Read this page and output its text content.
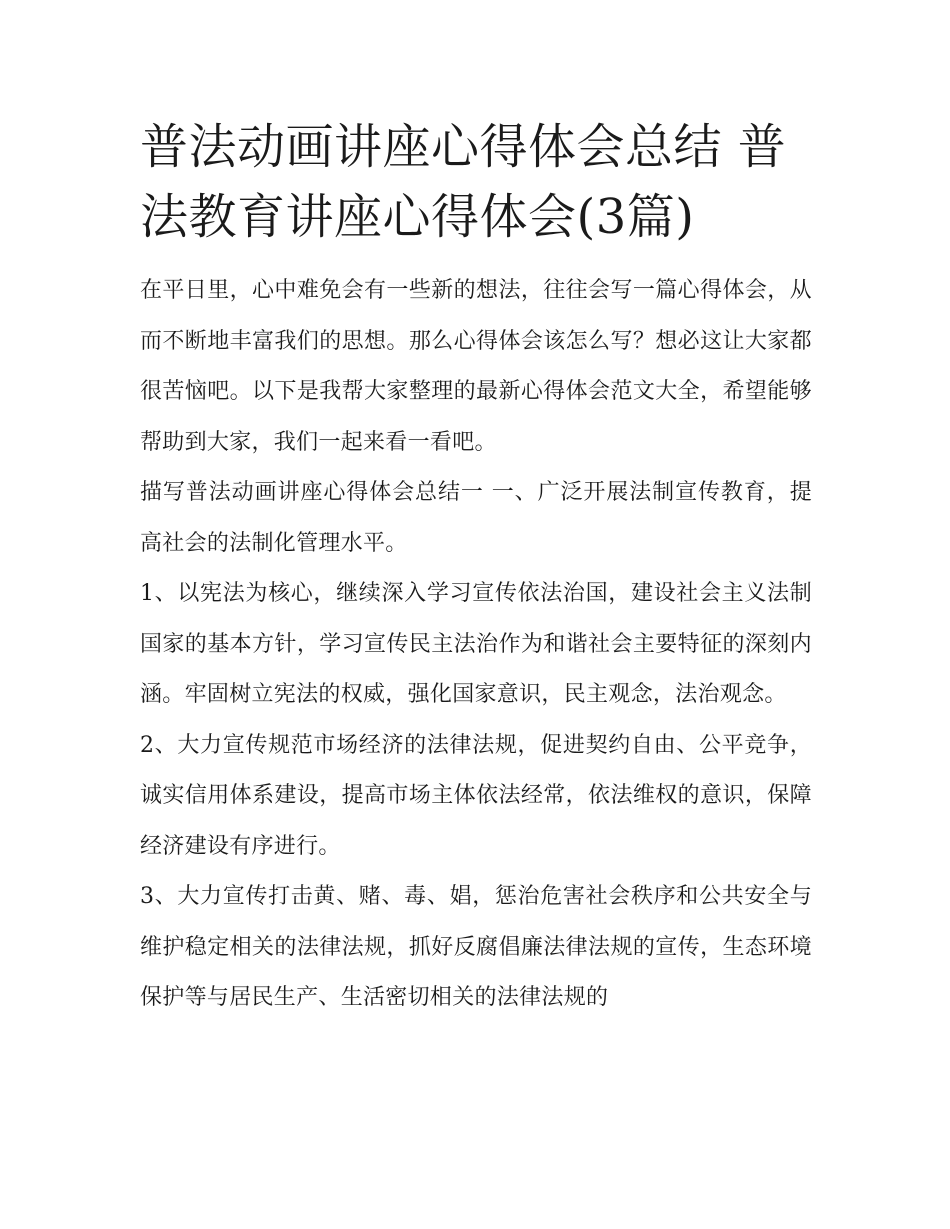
普法动画讲座心得体会总结 普法教育讲座心得体会(3篇)

在平日里，心中难免会有一些新的想法，往往会写一篇心得体会，从而不断地丰富我们的思想。那么心得体会该怎么写？想必这让大家都很苦恼吧。以下是我帮大家整理的最新心得体会范文大全，希望能够帮助到大家，我们一起来看一看吧。

描写普法动画讲座心得体会总结一 一、广泛开展法制宣传教育，提高社会的法制化管理水平。

1、以宪法为核心，继续深入学习宣传依法治国，建设社会主义法制国家的基本方针，学习宣传民主法治作为和谐社会主要特征的深刻内涵。牢固树立宪法的权威，强化国家意识，民主观念，法治观念。

2、大力宣传规范市场经济的法律法规，促进契约自由、公平竞争，诚实信用体系建设，提高市场主体依法经常，依法维权的意识，保障经济建设有序进行。

3、大力宣传打击黄、赌、毒、娼，惩治危害社会秩序和公共安全与维护稳定相关的法律法规，抓好反腐倡廉法律法规的宣传，生态环境保护等与居民生产、生活密切相关的法律法规的
